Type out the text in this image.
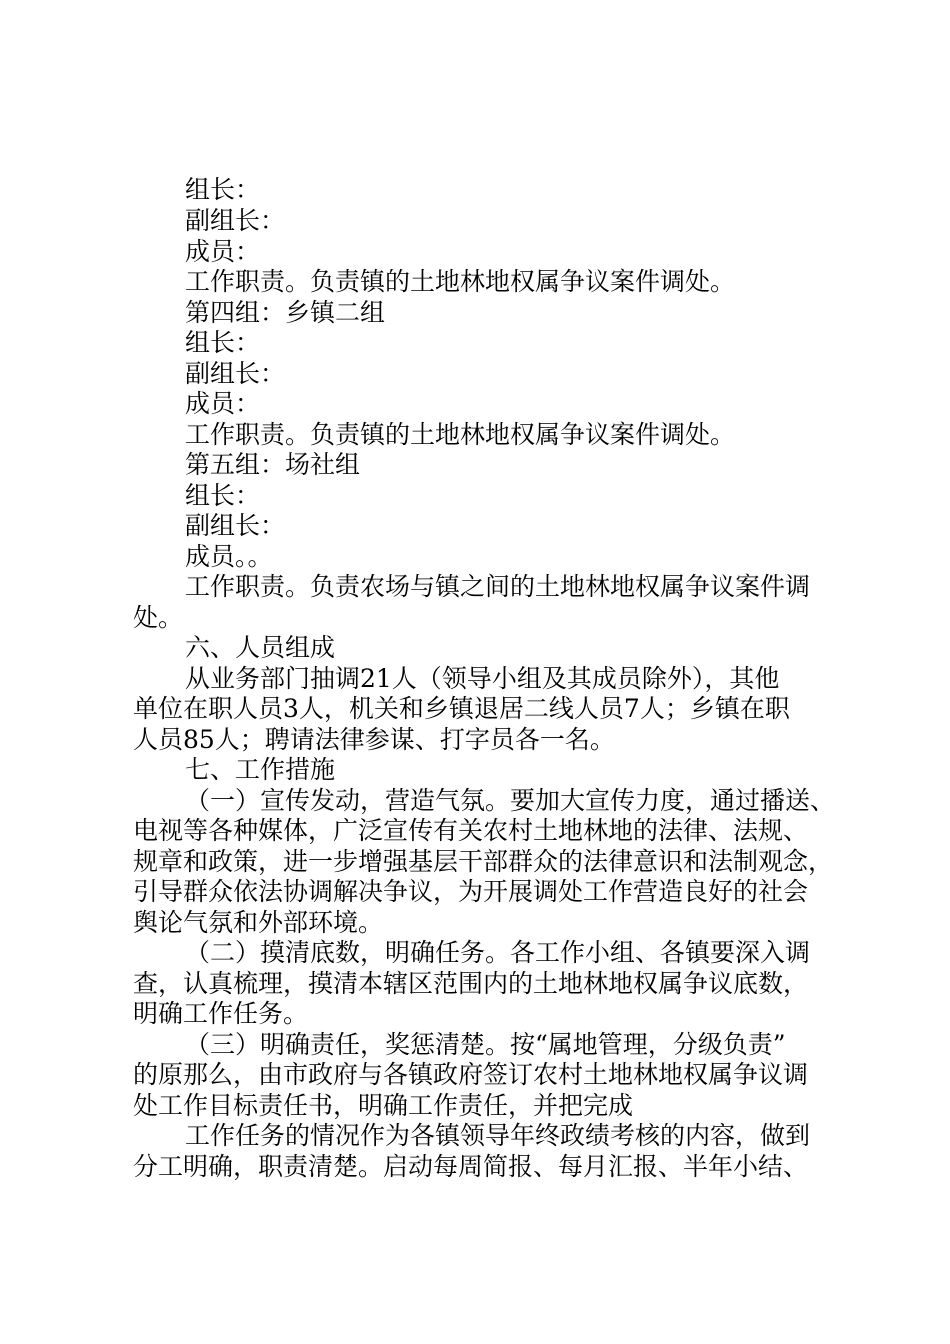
组长：
副组长：
成员：
工作职责。负责镇的土地林地权属争议案件调处。
第四组：乡镇二组
组长：
副组长：
成员：
工作职责。负责镇的土地林地权属争议案件调处。
第五组：场社组
组长：
副组长：
成员。。
工作职责。负责农场与镇之间的土地林地权属争议案件调
处。
六、人员组成
从业务部门抽调21人（领导小组及其成员除外），其他
单位在职人员3人，机关和乡镇退居二线人员7人；乡镇在职
人员85人；聘请法律参谋、打字员各一名。
七、工作措施
（一）宣传发动，营造气氛。要加大宣传力度，通过播送、
电视等各种媒体，广泛宣传有关农村土地林地的法律、法规、
规章和政策，进一步增强基层干部群众的法律意识和法制观念，
引导群众依法协调解决争议，为开展调处工作营造良好的社会
舆论气氛和外部环境。
（二）摸清底数，明确任务。各工作小组、各镇要深入调
查，认真梳理，摸清本辖区范围内的土地林地权属争议底数，
明确工作任务。
（三）明确责任，奖惩清楚。按“属地管理，分级负责”
的原那么，由市政府与各镇政府签订农村土地林地权属争议调
处工作目标责任书，明确工作责任，并把完成
工作任务的情况作为各镇领导年终政绩考核的内容，做到
分工明确，职责清楚。启动每周简报、每月汇报、半年小结、
